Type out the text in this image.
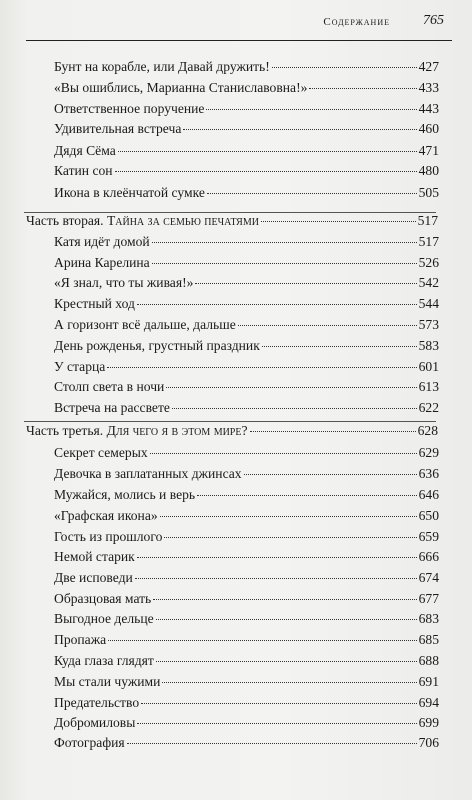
Содержание 765
Бунт на корабле, или Давай дружить!	427
«Вы ошиблись, Марианна Станиславовна!»	433
Ответственное поручение	443
Удивительная встреча	460
Дядя Сёма	471
Катин сон	480
Икона в клеёнчатой сумке	505
Часть вторая. Тайна за семью печатями	517
Катя идёт домой	517
Арина Карелина	526
«Я знал, что ты живая!»	542
Крестный ход	544
А горизонт всё дальше, дальше	573
День рожденья, грустный праздник	583
У старца	601
Столп света в ночи	613
Встреча на рассвете	622
Часть третья. Для чего я в этом мире?	628
Секрет семерых	629
Девочка в заплатанных джинсах	636
Мужайся, молись и верь	646
«Графская икона»	650
Гость из прошлого	659
Немой старик	666
Две исповеди	674
Образцовая мать	677
Выгодное дельце	683
Пропажа	685
Куда глаза глядят	688
Мы стали чужими	691
Предательство	694
Добромиловы	699
Фотография	706
